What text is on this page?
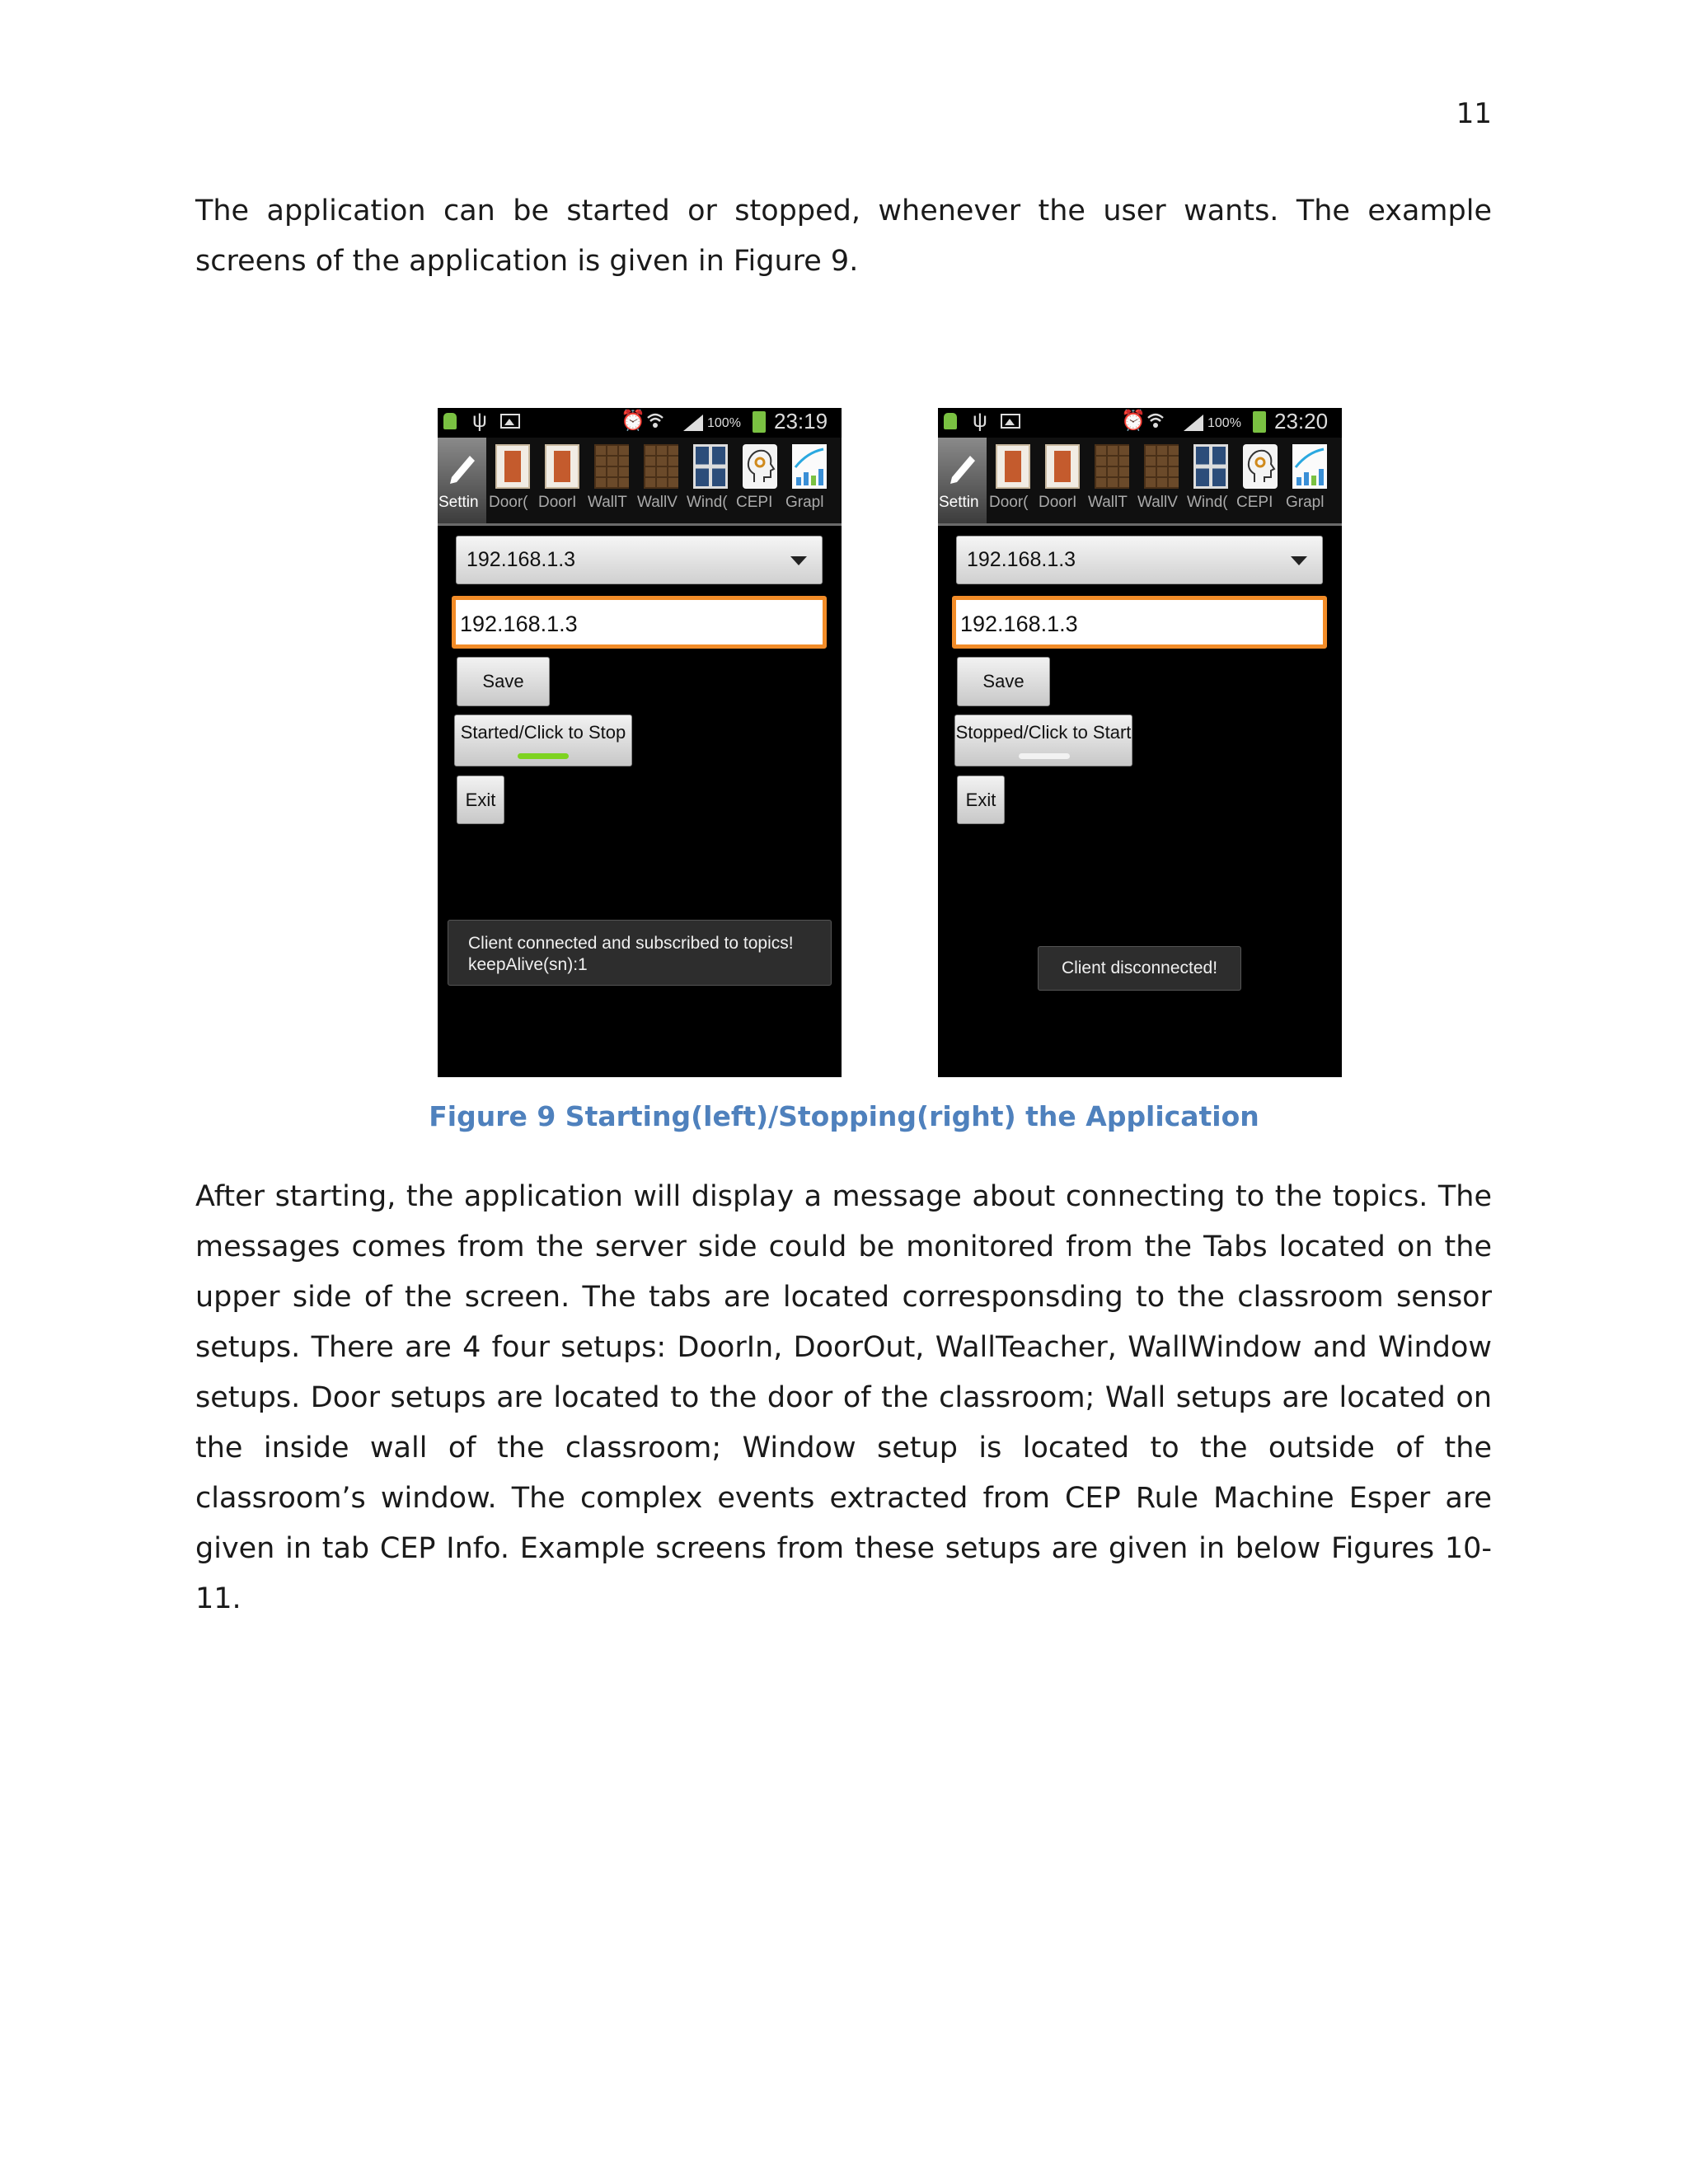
11

The application can be started or stopped, whenever the user wants. The example screens of the application is given in Figure 9.

ψ	⏰	100% 23:19
Settin Door( DoorI WallT WallV Wind( CEPI Grapl
192.168.1.3
192.168.1.3
Save
Started/Click to Stop
Exit
Client connected and subscribed to topics!
keepAlive(sn):1
ψ	⏰	100% 23:20
Settin Door( DoorI WallT WallV Wind( CEPI Grapl
192.168.1.3
192.168.1.3
Save
Stopped/Click to Start
Exit
Client disconnected!
Figure 9 Starting(left)/Stopping(right) the Application

After starting, the application will display a message about connecting to the topics. The messages comes from the server side could be monitored from the Tabs located on the upper side of the screen. The tabs are located corresponsding to the classroom sensor setups. There are 4 four setups: DoorIn, DoorOut, WallTeacher, WallWindow and Window setups. Door setups are located to the door of the classroom; Wall setups are located on the inside wall of the classroom; Window setup is located to the outside of the classroom’s window. The complex events extracted from CEP Rule Machine Esper are given in tab CEP Info. Example screens from these setups are given in below Figures 10-11.
